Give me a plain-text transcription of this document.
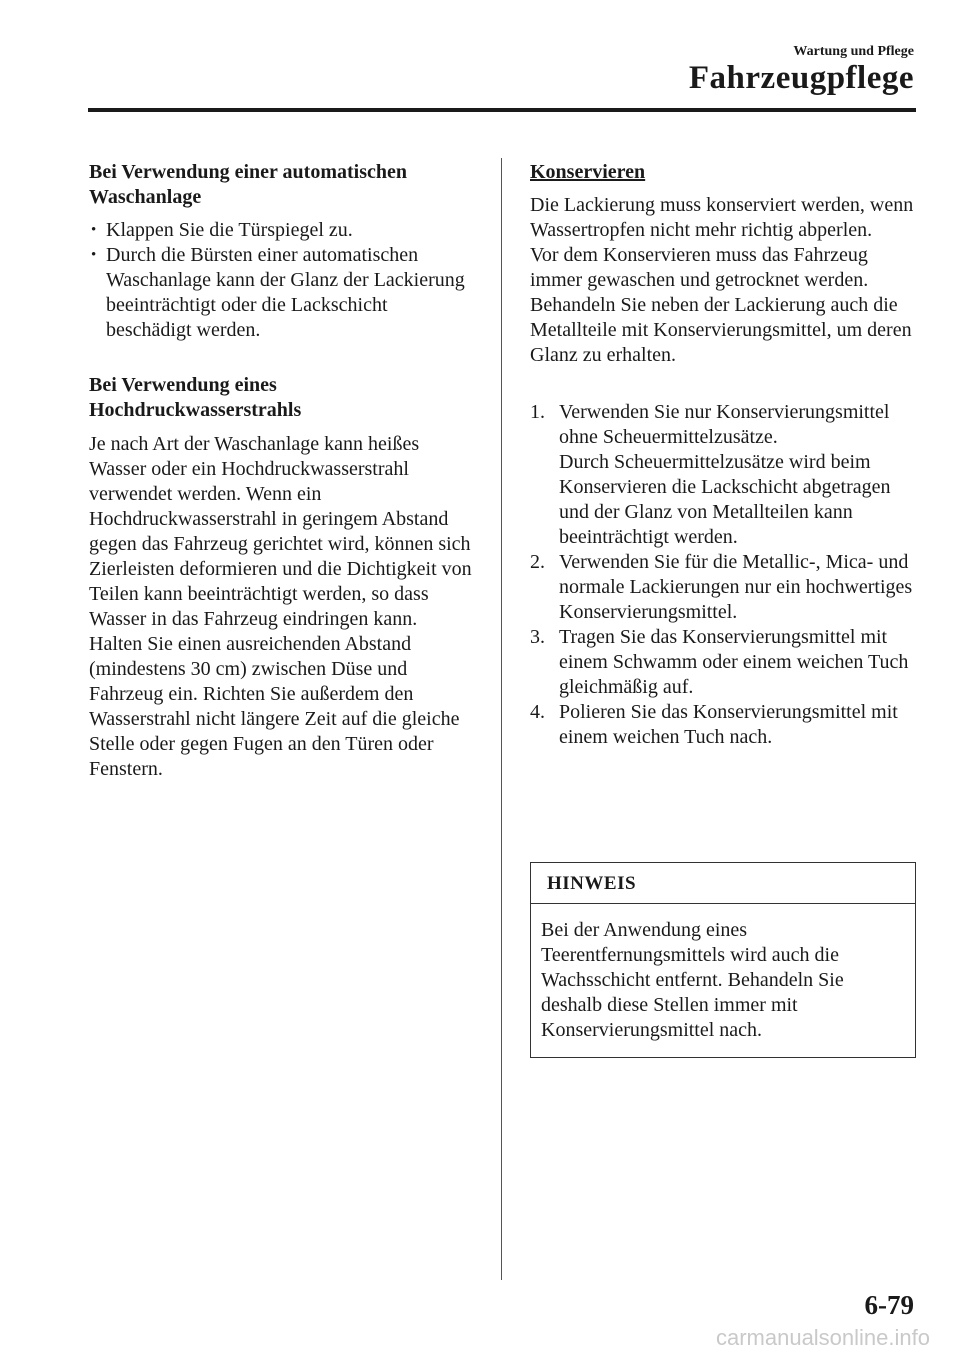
Wartung und Pflege
Fahrzeugpflege
Bei Verwendung einer automatischen Waschanlage
• Klappen Sie die Türspiegel zu.
• Durch die Bürsten einer automatischen Waschanlage kann der Glanz der Lackierung beeinträchtigt oder die Lackschicht beschädigt werden.
Bei Verwendung eines Hochdruckwasserstrahls

Je nach Art der Waschanlage kann heißes Wasser oder ein Hochdruckwasserstrahl verwendet werden. Wenn ein Hochdruckwasserstrahl in geringem Abstand gegen das Fahrzeug gerichtet wird, können sich Zierleisten deformieren und die Dichtigkeit von Teilen kann beeinträchtigt werden, so dass Wasser in das Fahrzeug eindringen kann. Halten Sie einen ausreichenden Abstand (mindestens 30 cm) zwischen Düse und Fahrzeug ein. Richten Sie außerdem den Wasserstrahl nicht längere Zeit auf die gleiche Stelle oder gegen Fugen an den Türen oder Fenstern.

Konservieren

Die Lackierung muss konserviert werden, wenn Wassertropfen nicht mehr richtig abperlen.

Vor dem Konservieren muss das Fahrzeug immer gewaschen und getrocknet werden. Behandeln Sie neben der Lackierung auch die Metallteile mit Konservierungsmittel, um deren Glanz zu erhalten.

1. Verwenden Sie nur Konservierungsmittel ohne Scheuermittelzusätze.
Durch Scheuermittelzusätze wird beim Konservieren die Lackschicht abgetragen und der Glanz von Metallteilen kann beeinträchtigt werden.
2. Verwenden Sie für die Metallic-, Mica- und normale Lackierungen nur ein hochwertiges Konservierungsmittel.
3. Tragen Sie das Konservierungsmittel mit einem Schwamm oder einem weichen Tuch gleichmäßig auf.
4. Polieren Sie das Konservierungsmittel mit einem weichen Tuch nach.
HINWEIS
Bei der Anwendung eines Teerentfernungsmittels wird auch die Wachsschicht entfernt. Behandeln Sie deshalb diese Stellen immer mit Konservierungsmittel nach.
6-79
carmanualsonline.info
